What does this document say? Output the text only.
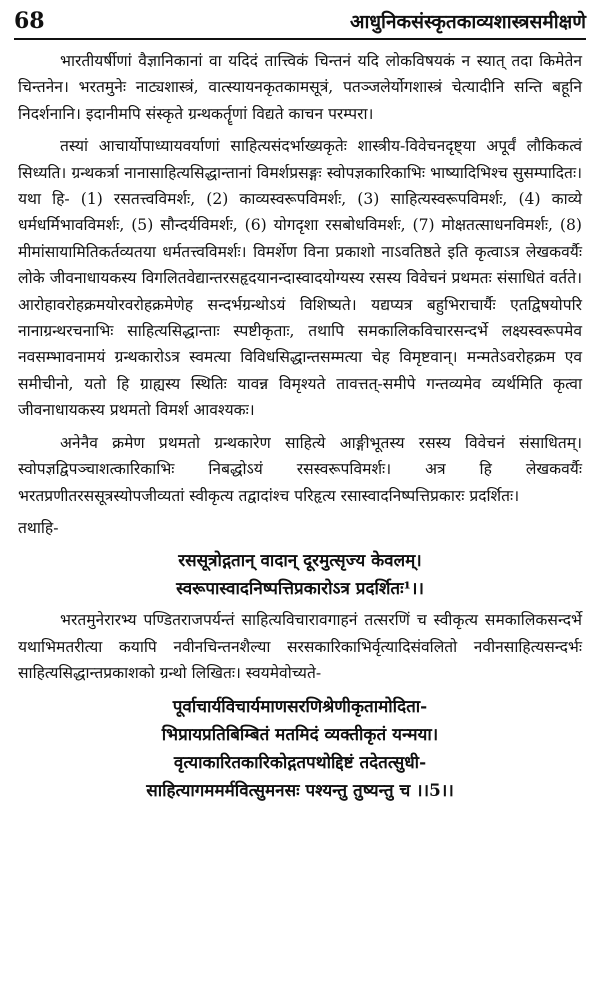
68	आधुनिकसंस्कृतकाव्यशास्त्रसमीक्षणे

भारतीयर्षीणां वैज्ञानिकानां वा यदिदं तात्त्विकं चिन्तनं यदि लोकविषयकं न स्यात् तदा किमेतेन चिन्तनेन। भरतमुनेः नाट्यशास्त्रं, वात्स्यायनकृतकामसूत्रं, पतञ्जलेर्योगशास्त्रं चेत्यादीनि सन्ति बहूनि निदर्शनानि। इदानीमपि संस्कृते ग्रन्थकर्तॄणां विद्यते काचन परम्परा।

तस्यां आचार्योपाध्यायवर्याणां साहित्यसंदर्भाख्यकृतेः शास्त्रीय-विवेचनदृष्ट्या अपूर्वं लौकिकत्वं सिध्यति। ग्रन्थकर्त्रा नानासाहित्यसिद्धान्तानां विमर्शप्रसङ्गः स्वोपज्ञकारिकाभिः भाष्यादिभिश्च सुसम्पादितः। यथा हि- (1) रसतत्त्वविमर्शः, (2) काव्यस्वरूपविमर्शः, (3) साहित्यस्वरूपविमर्शः, (4) काव्ये धर्मधर्मिभावविमर्शः, (5) सौन्दर्यविमर्शः, (6) योगदृशा रसबोधविमर्शः, (7) मोक्षतत्साधनविमर्शः, (8) मीमांसायामितिकर्तव्यतया धर्मतत्त्वविमर्शः। विमर्शेण विना प्रकाशो नाऽवतिष्ठते इति कृत्वाऽत्र लेखकवर्यैः लोके जीवनाधायकस्य विगलितवेद्यान्तरसहृदयानन्दास्वादयोग्यस्य रसस्य विवेचनं प्रथमतः संसाधितं वर्तते। आरोहावरोहक्रमयोरवरोहक्रमेणेह सन्दर्भग्रन्थोऽयं विशिष्यते। यद्यप्यत्र बहुभिराचार्यैः एतद्विषयोपरि नानाग्रन्थरचनाभिः साहित्यसिद्धान्ताः स्पष्टीकृताः, तथापि समकालिकविचारसन्दर्भे लक्ष्यस्वरूपमेव नवसम्भावनामयं ग्रन्थकारोऽत्र स्वमत्या विविधसिद्धान्तसम्मत्या चेह विमृष्टवान्। मन्मतेऽवरोहक्रम एव समीचीनो, यतो हि ग्राह्यस्य स्थितिः यावन्न विमृश्यते तावत्तत्-समीपे गन्तव्यमेव व्यर्थमिति कृत्वा जीवनाधायकस्य प्रथमतो विमर्श आवश्यकः।

अनेनैव क्रमेण प्रथमतो ग्रन्थकारेण साहित्ये आङ्गीभूतस्य रसस्य विवेचनं संसाधितम्। स्वोपज्ञद्विपञ्चाशत्कारिकाभिः निबद्धोऽयं रसस्वरूपविमर्शः। अत्र हि लेखकवर्यैः भरतप्रणीतरससूत्रस्योपजीव्यतां स्वीकृत्य तद्वादांश्च परिहृत्य रसास्वादनिष्पत्तिप्रकारः प्रदर्शितः।

तथाहि-

रससूत्रोद्गतान् वादान् दूरमुत्सृज्य केवलम्।
स्वरूपास्वादनिष्पत्तिप्रकारोऽत्र प्रदर्शितः¹।।

भरतमुनेरारभ्य पण्डितराजपर्यन्तं साहित्यविचारावगाहनं तत्सरणिं च स्वीकृत्य समकालिकसन्दर्भे यथाभिमतरीत्या कयापि नवीनचिन्तनशैल्या सरसकारिकाभिर्वृत्यादिसंवलितो नवीनसाहित्यसन्दर्भः साहित्यसिद्धान्तप्रकाशको ग्रन्थो लिखितः। स्वयमेवोच्यते-

पूर्वाचार्यविचार्यमाणसरणिश्रेणीकृतामोदिता-
भिप्रायप्रतिबिम्बितं मतमिदं व्यक्तीकृतं यन्मया।
वृत्याकारितकारिकोद्गतपथोद्दिष्टं तदेतत्सुधी-
साहित्यागममर्मवित्सुमनसः पश्यन्तु तुष्यन्तु च ।।5।।
